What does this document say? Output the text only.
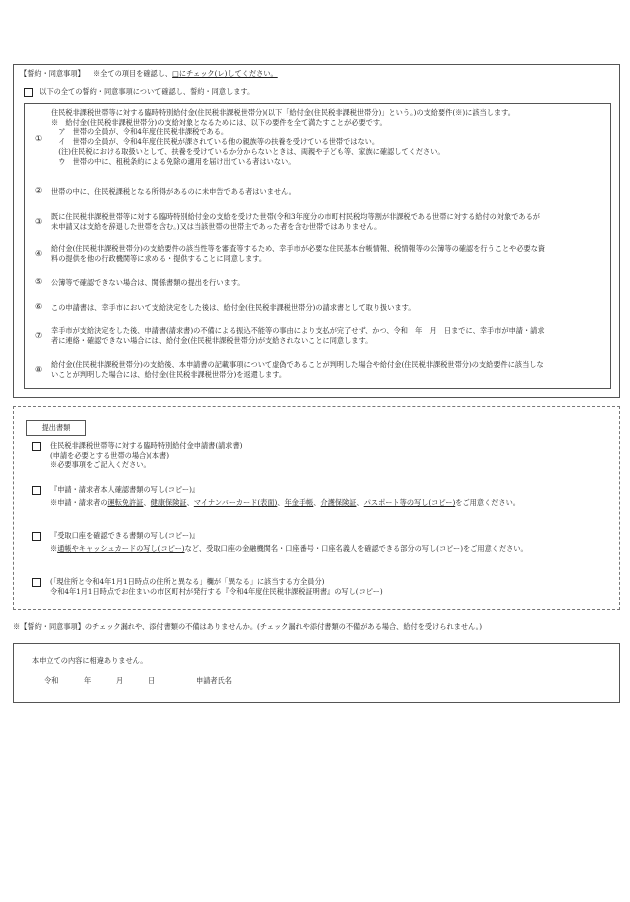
【誓約・同意事項】 ※全ての項目を確認し、□にチェック(レ)してください。
以下の全ての誓約・同意事項について確認し、誓約・同意します。
①
住民税非課税世帯等に対する臨時特別給付金(住民税非課税世帯分)(以下「給付金(住民税非課税世帯分)」という。)の支給要件(※)に該当します。
※　給付金(住民税非課税世帯分)の支給対象となるためには、以下の要件を全て満たすことが必要です。
　ア　世帯の全員が、令和4年度住民税非課税である。
　イ　世帯の全員が、令和4年度住民税が課されている他の親族等の扶養を受けている世帯ではない。
　(注)住民税における取扱いとして、扶養を受けているか分からないときは、両親や子ども等、家族に確認してください。
　ウ　世帯の中に、租税条約による免除の適用を届け出ている者はいない。
② 世帯の中に、住民税課税となる所得があるのに未申告である者はいません。
③
既に住民税非課税世帯等に対する臨時特別給付金の支給を受けた世帯(令和3年度分の市町村民税均等割が非課税である世帯に対する給付の対象であるが
未申請又は支給を辞退した世帯を含む。)又は当該世帯の世帯主であった者を含む世帯ではありません。
④
給付金(住民税非課税世帯分)の支給要件の該当性等を審査等するため、幸手市が必要な住民基本台帳情報、税情報等の公簿等の確認を行うことや必要な資
料の提供を他の行政機関等に求める・提供することに同意します。
⑤ 公簿等で確認できない場合は、関係書類の提出を行います。
⑥ この申請書は、幸手市において支給決定をした後は、給付金(住民税非課税世帯分)の請求書として取り扱います。
⑦
幸手市が支給決定をした後、申請書(請求書)の不備による振込不能等の事由により支払が完了せず、かつ、令和　年　月　日までに、幸手市が申請・請求
者に連絡・確認できない場合には、給付金(住民税非課税世帯分)が支給されないことに同意します。
⑧
給付金(住民税非課税世帯分)の支給後、本申請書の記載事項について虚偽であることが判明した場合や給付金(住民税非課税世帯分)の支給要件に該当しな
いことが判明した場合には、給付金(住民税非課税世帯分)を返還します。
提出書類
住民税非課税世帯等に対する臨時特別給付金申請書(請求書)
(申請を必要とする世帯の場合)(本書)
※必要事項をご記入ください。
『申請・請求者本人確認書類の写し(コピー)』
※申請・請求者の運転免許証、健康保険証、マイナンバーカード(表面)、年金手帳、介護保険証、パスポート等の写し(コピー)をご用意ください。
『受取口座を確認できる書類の写し(コピー)』
※通帳やキャッシュカードの写し(コピー)など、受取口座の金融機関名・口座番号・口座名義人を確認できる部分の写し(コピー)をご用意ください。
(「現住所と令和4年1月1日時点の住所と異なる」欄が「異なる」に該当する方全員分)
令和4年1月1日時点でお住まいの市区町村が発行する『令和4年度住民税非課税証明書』の写し(コピー)
※【誓約・同意事項】のチェック漏れや、添付書類の不備はありませんか。(チェック漏れや添付書類の不備がある場合、給付を受けられません。)
本申立ての内容に相違ありません。
令和	年	月	日	申請者氏名
